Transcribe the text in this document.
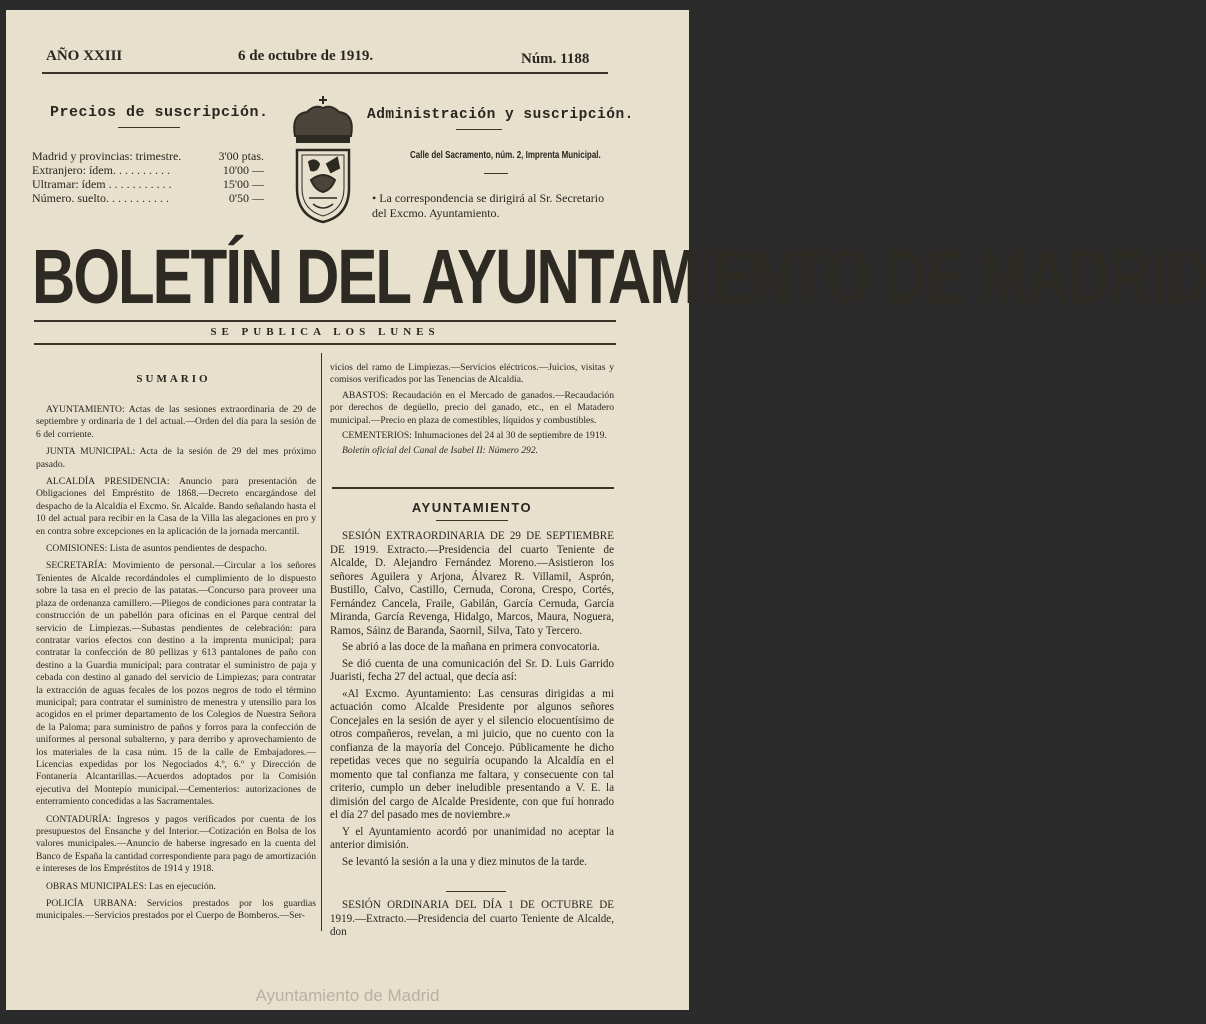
AÑO XXIII	6 de octubre de 1919.	Núm. 1188
Precios de suscripción.
Madrid y provincias: trimestre.	3'00 ptas.
Extranjero: ídem. . . . . . . . . .	10'00 —
Ultramar: ídem . . . . . . . . . . .	15'00 —
Número. suelto. . . . . . . . . . .	0'50 —
Administración y suscripción.
Calle del Sacramento, núm. 2, Imprenta Municipal.
• La correspondencia se dirigirá al Sr. Secretario del Excmo. Ayuntamiento.
BOLETÍN DEL AYUNTAMIENTO DE MADRID
SE PUBLICA LOS LUNES
SUMARIO

AYUNTAMIENTO: Actas de las sesiones extraordinaria de 29 de septiembre y ordinaria de 1 del actual.—Orden del día para la sesión de 6 del corriente.

JUNTA MUNICIPAL: Acta de la sesión de 29 del mes próximo pasado.

ALCALDÍA PRESIDENCIA: Anuncio para presentación de Obligaciones del Empréstito de 1868.—Decreto encargándose del despacho de la Alcaldía el Excmo. Sr. Alcalde. Bando señalando hasta el 10 del actual para recibir en la Casa de la Villa las alegaciones en pro y en contra sobre excepciones en la aplicación de la jornada mercantil.

COMISIONES: Lista de asuntos pendientes de despacho.

SECRETARÍA: Movimiento de personal.—Circular a los señores Tenientes de Alcalde recordándoles el cumplimiento de lo dispuesto sobre la tasa en el precio de las patatas.—Concurso para proveer una plaza de ordenanza camillero.—Pliegos de condiciones para contratar la construcción de un pabellón para oficinas en el Parque central del servicio de Limpiezas.—Subastas pendientes de celebración: para contratar varios efectos con destino a la imprenta municipal; para contratar la confección de 80 pellizas y 613 pantalones de paño con destino a la Guardia municipal; para contratar el suministro de paja y cebada con destino al ganado del servicio de Limpiezas; para contratar la extracción de aguas fecales de los pozos negros de todo el término municipal; para contratar el suministro de menestra y utensilio para los acogidos en el primer departamento de los Colegios de Nuestra Señora de la Paloma; para suministro de paños y forros para la confección de uniformes al personal subalterno, y para derribo y aprovechamiento de los materiales de la casa núm. 15 de la calle de Embajadores.—Licencias expedidas por los Negociados 4.º, 6.º y Dirección de Fontanería Alcantarillas.—Acuerdos adoptados por la Comisión ejecutiva del Montepío municipal.—Cementerios: autorizaciones de enterramiento concedidas a las Sacramentales.

CONTADURÍA: Ingresos y pagos verificados por cuenta de los presupuestos del Ensanche y del Interior.—Cotización en Bolsa de los valores municipales.—Anuncio de haberse ingresado en la cuenta del Banco de España la cantidad correspondiente para pago de amortización e intereses de los Empréstitos de 1914 y 1918.

OBRAS MUNICIPALES: Las en ejecución.

POLICÍA URBANA: Servicios prestados por los guardias municipales.—Servicios prestados por el Cuerpo de Bomberos.—Ser-

vicios del ramo de Limpiezas.—Servicios eléctricos.—Juicios, visitas y comisos verificados por las Tenencias de Alcaldía.

ABASTOS: Recaudación en el Mercado de ganados.—Recaudación por derechos de degüello, precio del ganado, etc., en el Matadero municipal.—Precio en plaza de comestibles, líquidos y combustibles.

CEMENTERIOS: Inhumaciones del 24 al 30 de septiembre de 1919.

Boletín oficial del Canal de Isabel II: Número 292.

AYUNTAMIENTO

SESIÓN EXTRAORDINARIA DE 29 DE SEPTIEMBRE DE 1919. Extracto.—Presidencia del cuarto Teniente de Alcalde, D. Alejandro Fernández Moreno.—Asistieron los señores Aguilera y Arjona, Álvarez R. Villamil, Asprón, Bustillo, Calvo, Castillo, Cernuda, Corona, Crespo, Cortés, Fernández Cancela, Fraile, Gabilán, García Cernuda, García Miranda, García Revenga, Hidalgo, Marcos, Maura, Noguera, Ramos, Sáinz de Baranda, Saornil, Silva, Tato y Tercero.

Se abrió a las doce de la mañana en primera convocatoria.

Se dió cuenta de una comunicación del Sr. D. Luis Garrido Juaristi, fecha 27 del actual, que decía así:

«Al Excmo. Ayuntamiento: Las censuras dirigidas a mi actuación como Alcalde Presidente por algunos señores Concejales en la sesión de ayer y el silencio elocuentísimo de otros compañeros, revelan, a mi juicio, que no cuento con la confianza de la mayoría del Concejo. Públicamente he dicho repetidas veces que no seguiría ocupando la Alcaldía en el momento que tal confianza me faltara, y consecuente con tal criterio, cumplo un deber ineludible presentando a V. E. la dimisión del cargo de Alcalde Presidente, con que fuí honrado el día 27 del pasado mes de noviembre.»

Y el Ayuntamiento acordó por unanimidad no aceptar la anterior dimisión.

Se levantó la sesión a la una y diez minutos de la tarde.

SESIÓN ORDINARIA DEL DÍA 1 DE OCTUBRE DE 1919.—Extracto.—Presidencia del cuarto Teniente de Alcalde, don

Ayuntamiento de Madrid
